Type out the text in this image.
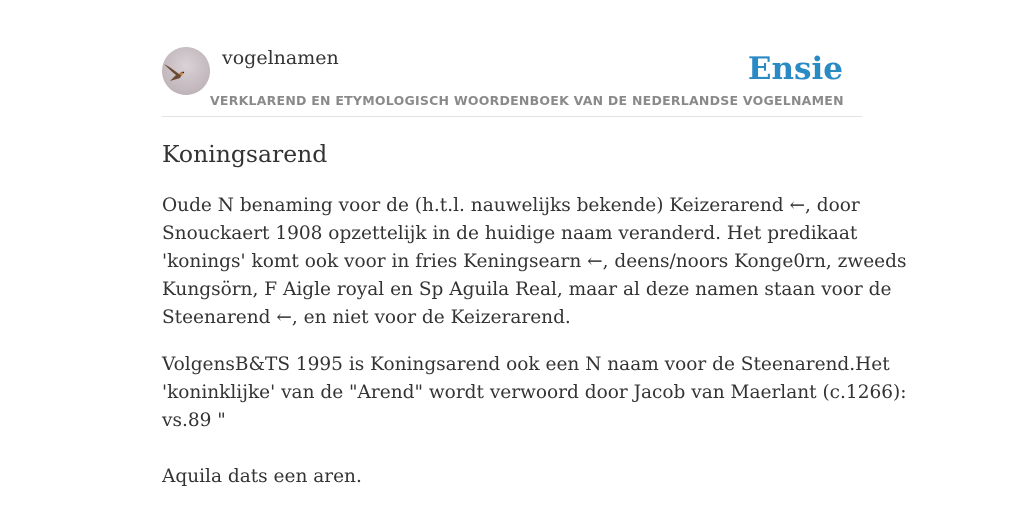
vogelnamen	Ensie
VERKLAREND EN ETYMOLOGISCH WOORDENBOEK VAN DE NEDERLANDSE VOGELNAMEN
Koningsarend

Oude N benaming voor de (h.t.l. nauwelijks bekende) Keizerarend ←, door
Snouckaert 1908 opzettelijk in de huidige naam veranderd. Het predikaat
'konings' komt ook voor in fries Keningsearn ←, deens/noors Konge0rn, zweeds
Kungsörn, F Aigle royal en Sp Aguila Real, maar al deze namen staan voor de
Steenarend ←, en niet voor de Keizerarend.

VolgensB&TS 1995 is Koningsarend ook een N naam voor de Steenarend.Het
'koninklijke' van de "Arend" wordt verwoord door Jacob van Maerlant (c.1266):
vs.89 "
Aquila dats een aren.
